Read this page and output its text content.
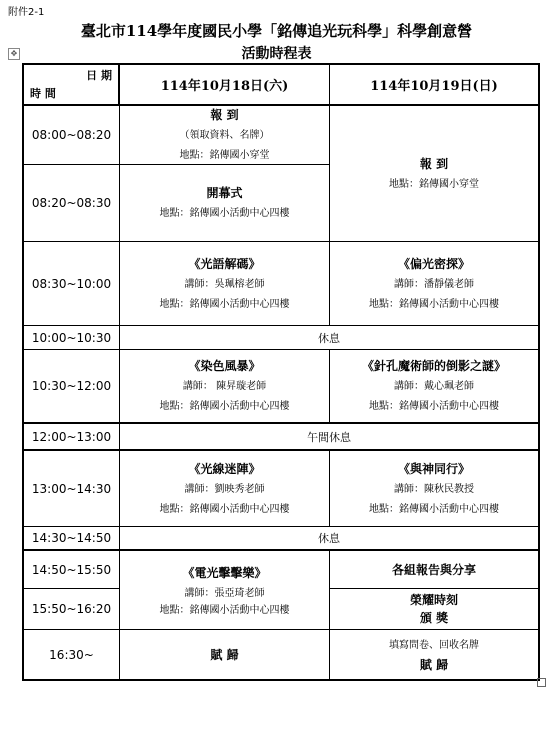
附件2-1
✥
臺北市114學年度國民小學「銘傳追光玩科學」科學創意營
活動時程表
日 期
時 間	114年10月18日(六)	114年10月19日(日)
08:00~08:20
08:20~08:30
08:30~10:00
10:00~10:30
10:30~12:00
12:00~13:00
13:00~14:30
14:30~14:50
14:50~15:50
15:50~16:20
16:30~
報 到
（領取資料、名牌）
地點：銘傳國小穿堂
開幕式
地點：銘傳國小活動中心四樓
《光語解碼》
講師：吳珮榕老師
地點：銘傳國小活動中心四樓
休息
《染色風暴》
講師： 陳昇璇老師
地點：銘傳國小活動中心四樓
午間休息
《光線迷陣》
講師：劉映秀老師
地點：銘傳國小活動中心四樓
休息
《電光擊擊樂》
講師：張亞琦老師
地點：銘傳國小活動中心四樓
賦 歸
報 到
地點：銘傳國小穿堂
《偏光密探》
講師：潘靜儀老師
地點：銘傳國小活動中心四樓
《針孔魔術師的倒影之謎》
講師：戴心珮老師
地點：銘傳國小活動中心四樓
《與神同行》
講師：陳秋民教授
地點：銘傳國小活動中心四樓
各組報告與分享
榮耀時刻
頒 獎
填寫問卷、回收名牌
賦 歸
